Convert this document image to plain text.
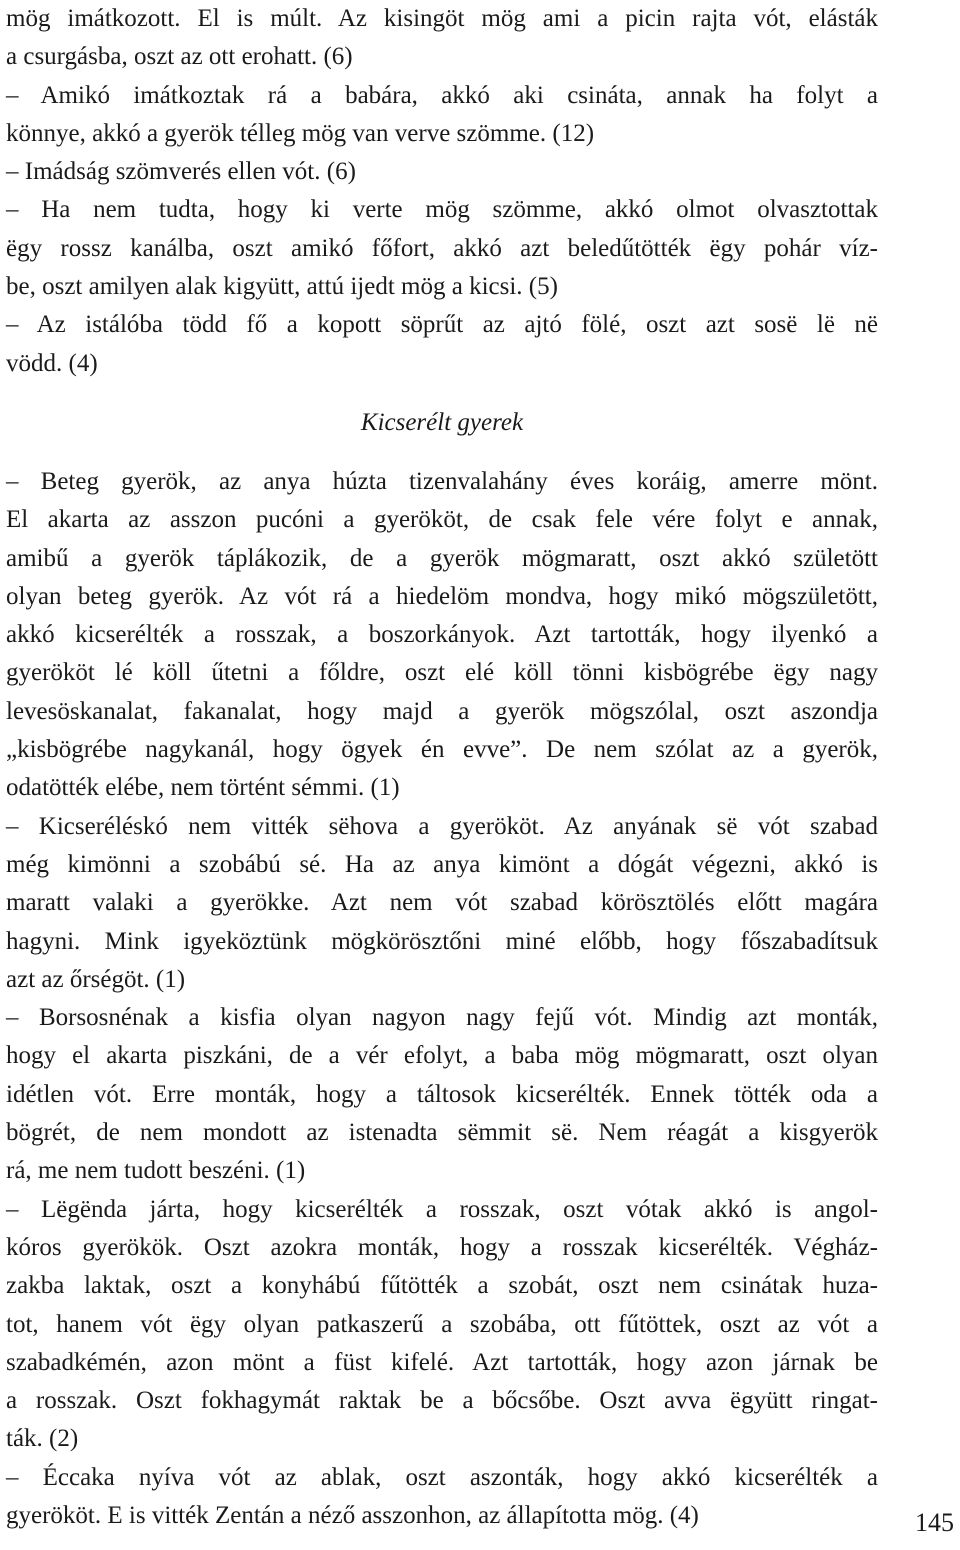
mög imátkozott. El is múlt. Az kisingöt mög ami a picin rajta vót, elásták
a csurgásba, oszt az ott erohatt. (6)
– Amikó imátkoztak rá a babára, akkó aki csináta, annak ha folyt a
könnye, akkó a gyerök télleg mög van verve szömme. (12)
– Imádság szömverés ellen vót. (6)
– Ha nem tudta, hogy ki verte mög szömme, akkó olmot olvasztottak
ëgy rossz kanálba, oszt amikó főfort, akkó azt beledűtötték ëgy pohár víz-
be, oszt amilyen alak kigyütt, attú ijedt mög a kicsi. (5)
– Az istálóba tödd fő a kopott söprűt az ajtó fölé, oszt azt sosë lë në
vödd. (4)
Kicserélt gyerek
– Beteg gyerök, az anya húzta tizenvalahány éves koráig, amerre mönt.
El akarta az asszon pucóni a gyerököt, de csak fele vére folyt e annak,
amibű a gyerök táplákozik, de a gyerök mögmaratt, oszt akkó születött
olyan beteg gyerök. Az vót rá a hiedelöm mondva, hogy mikó mögszületött,
akkó kicserélték a rosszak, a boszorkányok. Azt tartották, hogy ilyenkó a
gyerököt lé köll űtetni a főldre, oszt elé köll tönni kisbögrébe ëgy nagy
levesöskanalat, fakanalat, hogy majd a gyerök mögszólal, oszt aszondja
„kisbögrébe nagykanál, hogy ögyek én evve”. De nem szólat az a gyerök,
odatötték elébe, nem történt sémmi. (1)
– Kicseréléskó nem vitték sëhova a gyerököt. Az anyának së vót szabad
még kimönni a szobábú sé. Ha az anya kimönt a dógát végezni, akkó is
maratt valaki a gyerökke. Azt nem vót szabad körösztölés előtt magára
hagyni. Mink igyeköztünk mögkörösztőni miné előbb, hogy főszabadítsuk
azt az őrségöt. (1)
– Borsosnénak a kisfia olyan nagyon nagy fejű vót. Mindig azt monták,
hogy el akarta piszkáni, de a vér efolyt, a baba mög mögmaratt, oszt olyan
idétlen vót. Erre monták, hogy a táltosok kicserélték. Ennek tötték oda a
bögrét, de nem mondott az istenadta sëmmit së. Nem réagát a kisgyerök
rá, me nem tudott beszéni. (1)
– Lëgënda járta, hogy kicserélték a rosszak, oszt vótak akkó is angol-
kóros gyerökök. Oszt azokra monták, hogy a rosszak kicserélték. Végház-
zakba laktak, oszt a konyhábú fűtötték a szobát, oszt nem csinátak huza-
tot, hanem vót ëgy olyan patkaszerű a szobába, ott fűtöttek, oszt az vót a
szabadkémén, azon mönt a füst kifelé. Azt tartották, hogy azon járnak be
a rosszak. Oszt fokhagymát raktak be a bőcsőbe. Oszt avva ëgyütt ringat-
ták. (2)
– Éccaka nyíva vót az ablak, oszt aszonták, hogy akkó kicserélték a
gyerököt. E is vitték Zentán a néző asszonhon, az állapította mög. (4)	145
